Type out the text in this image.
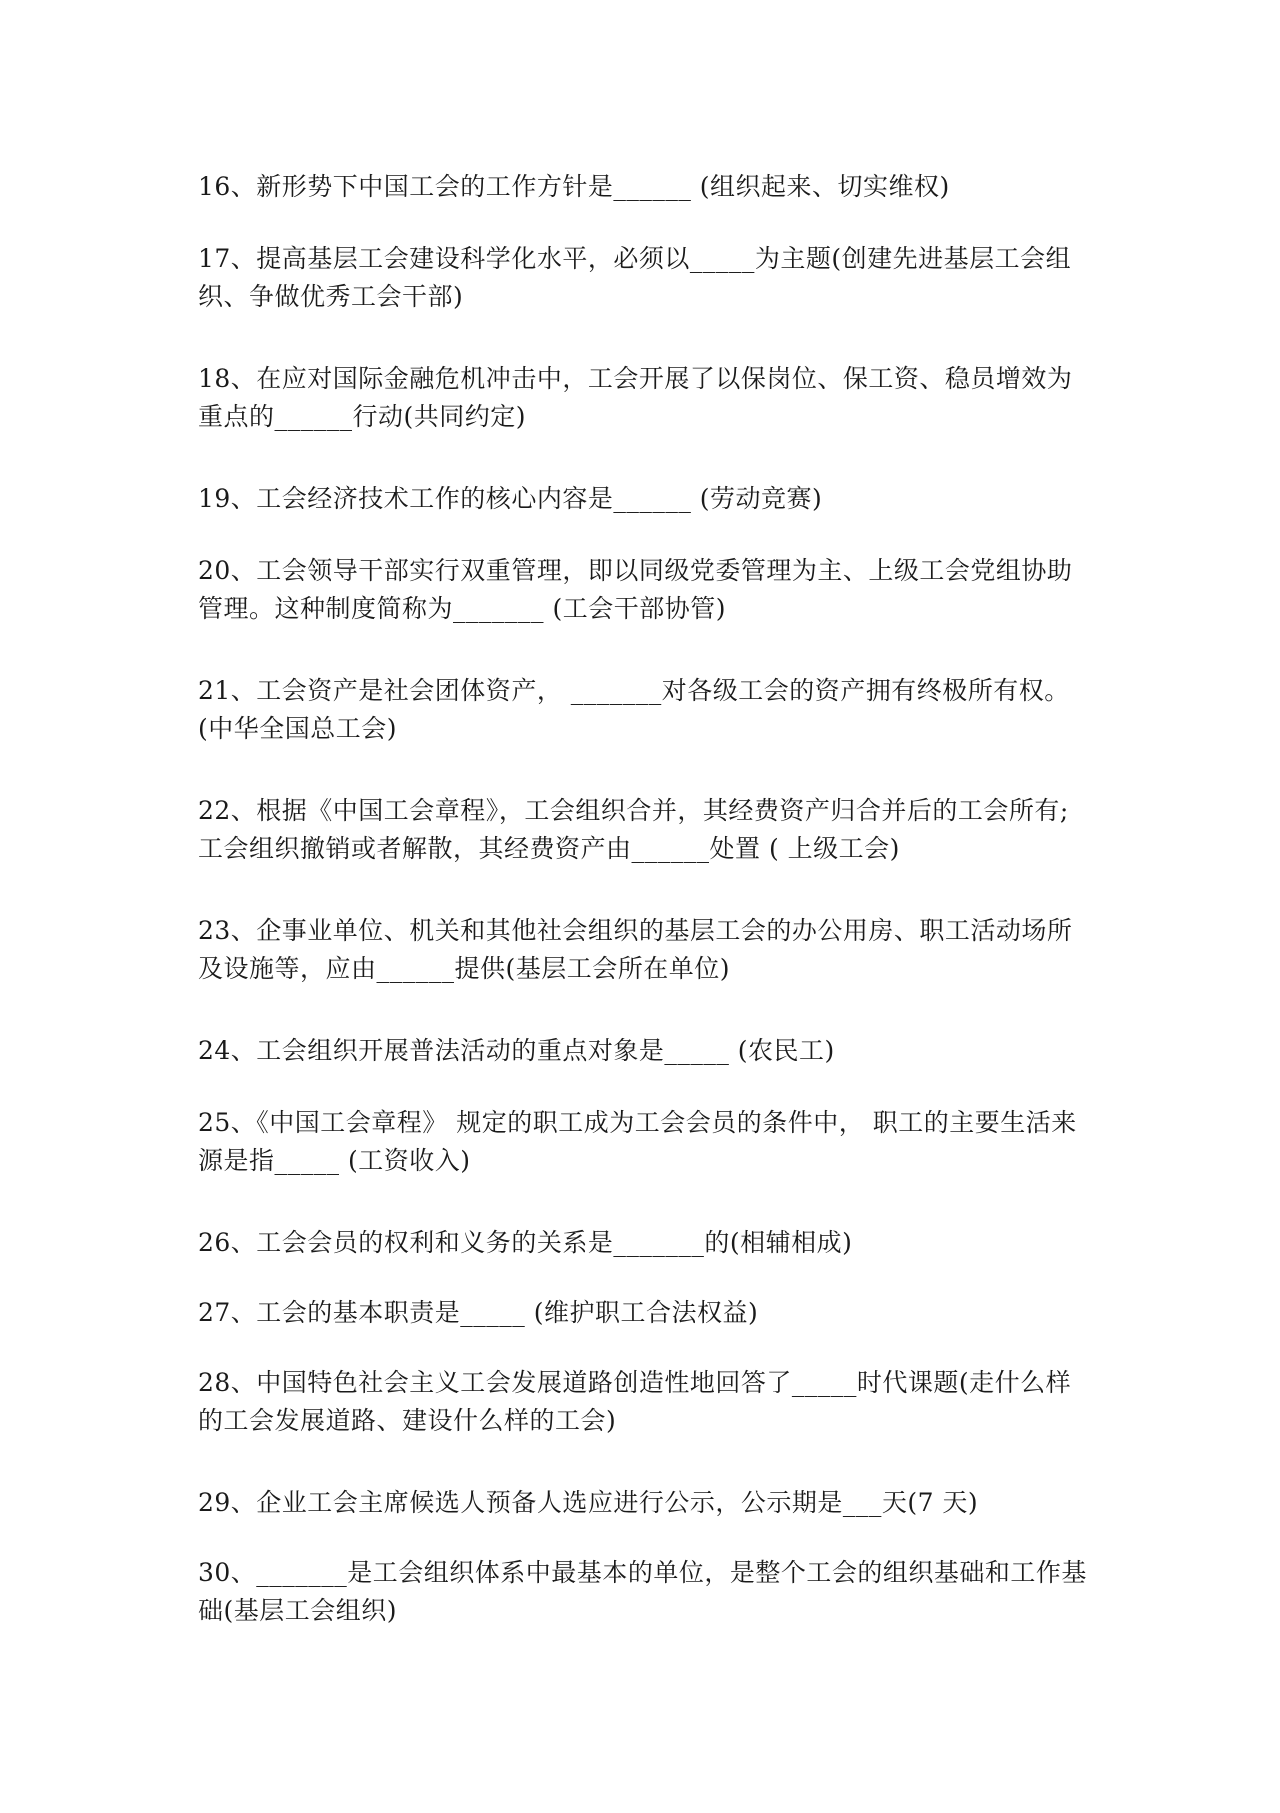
16、新形势下中国工会的工作方针是______ (组织起来、切实维权)

17、提高基层工会建设科学化水平，必须以_____为主题(创建先进基层工会组织、争做优秀工会干部)

18、在应对国际金融危机冲击中，工会开展了以保岗位、保工资、稳员增效为重点的______行动(共同约定)

19、工会经济技术工作的核心内容是______ (劳动竞赛)

20、工会领导干部实行双重管理，即以同级党委管理为主、上级工会党组协助管理。这种制度简称为_______ (工会干部协管)

21、工会资产是社会团体资产， _______对各级工会的资产拥有终极所有权。 (中华全国总工会)

22、根据《中国工会章程》，工会组织合并，其经费资产归合并后的工会所有;工会组织撤销或者解散，其经费资产由______处置 ( 上级工会)

23、企事业单位、机关和其他社会组织的基层工会的办公用房、职工活动场所及设施等，应由______提供(基层工会所在单位)

24、工会组织开展普法活动的重点对象是_____ (农民工)

25、《中国工会章程》 规定的职工成为工会会员的条件中， 职工的主要生活来源是指_____ (工资收入)

26、工会会员的权利和义务的关系是_______的(相辅相成)

27、工会的基本职责是_____ (维护职工合法权益)

28、中国特色社会主义工会发展道路创造性地回答了_____时代课题(走什么样的工会发展道路、建设什么样的工会)

29、企业工会主席候选人预备人选应进行公示，公示期是___天(7 天)

30、_______是工会组织体系中最基本的单位，是整个工会的组织基础和工作基础(基层工会组织)
